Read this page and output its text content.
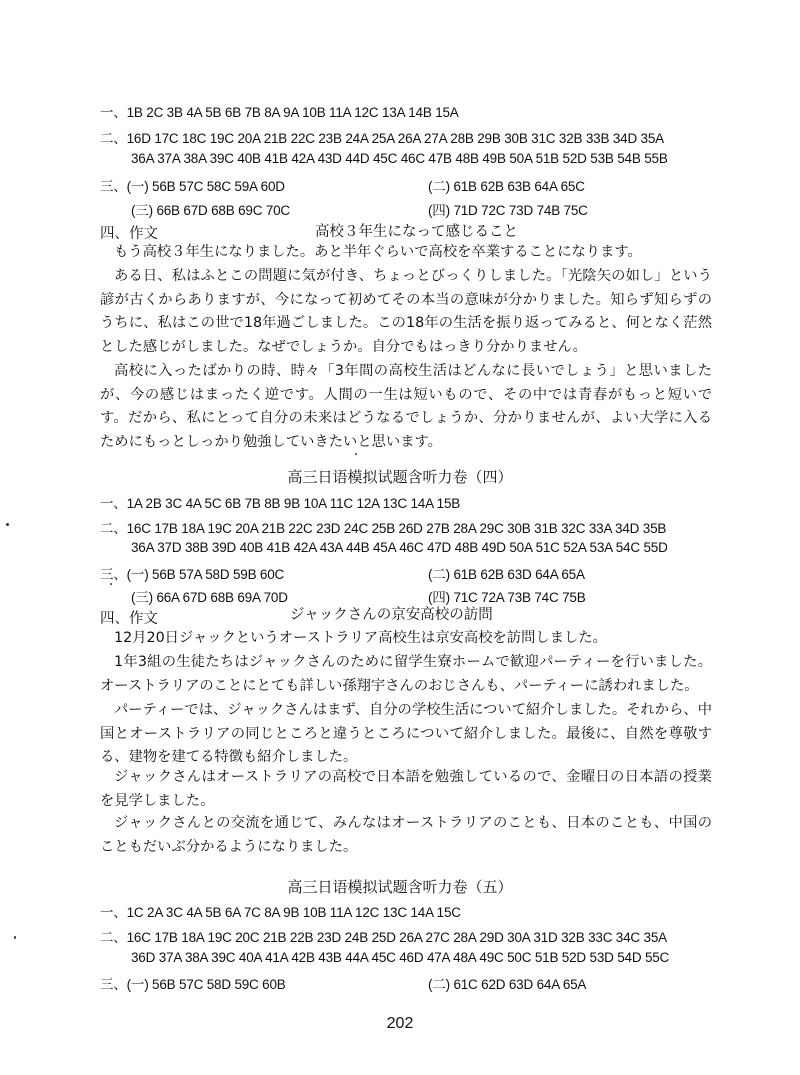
一、1B 2C 3B 4A 5B 6B 7B 8A 9A 10B 11A 12C 13A 14B 15A
二、16D 17C 18C 19C 20A 21B 22C 23B 24A 25A 26A 27A 28B 29B 30B 31C 32B 33B 34D 35A
36A 37A 38A 39C 40B 41B 42A 43D 44D 45C 46C 47B 48B 49B 50A 51B 52D 53B 54B 55B
三、(一) 56B 57C 58C 59A 60D	(二) 61B 62B 63B 64A 65C
(三) 66B 67D 68B 69C 70C	(四) 71D 72C 73D 74B 75C
四、作文	高校３年生になって感じること

もう高校３年生になりました。あと半年ぐらいで高校を卒業することになります。

ある日、私はふとこの問題に気が付き、ちょっとびっくりしました。「光陰矢の如し」という諺が古くからありますが、今になって初めてその本当の意味が分かりました。知らず知らずのうちに、私はこの世で18年過ごしました。この18年の生活を振り返ってみると、何となく茫然とした感じがしました。なぜでしょうか。自分でもはっきり分かりません。

高校に入ったばかりの時、時々「3年間の高校生活はどんなに長いでしょう」と思いましたが、今の感じはまったく逆です。人間の一生は短いもので、その中では青春がもっと短いです。だから、私にとって自分の未来はどうなるでしょうか、分かりませんが、よい大学に入るためにもっとしっかり勉強していきたいと思います。

高三日语模拟试题含听力卷（四）
一、1A 2B 3C 4A 5C 6B 7B 8B 9B 10A 11C 12A 13C 14A 15B
二、16C 17B 18A 19C 20A 21B 22C 23D 24C 25B 26D 27B 28A 29C 30B 31B 32C 33A 34D 35B
36A 37D 38B 39D 40B 41B 42A 43A 44B 45A 46C 47D 48B 49D 50A 51C 52A 53A 54C 55D
三、(一) 56B 57A 58D 59B 60C	(二) 61B 62B 63D 64A 65A
(三) 66A 67D 68B 69A 70D	(四) 71C 72A 73B 74C 75B
四、作文	ジャックさんの京安高校の訪問

12月20日ジャックというオーストラリア高校生は京安高校を訪問しました。

1年3組の生徒たちはジャックさんのために留学生寮ホームで歓迎パーティーを行いました。オーストラリアのことにとても詳しい孫翔宇さんのおじさんも、パーティーに誘われました。

パーティーでは、ジャックさんはまず、自分の学校生活について紹介しました。それから、中国とオーストラリアの同じところと違うところについて紹介しました。最後に、自然を尊敬する、建物を建てる特徴も紹介しました。

ジャックさんはオーストラリアの高校で日本語を勉強しているので、金曜日の日本語の授業を見学しました。

ジャックさんとの交流を通じて、みんなはオーストラリアのことも、日本のことも、中国のこともだいぶ分かるようになりました。

高三日语模拟试题含听力卷（五）
一、1C 2A 3C 4A 5B 6A 7C 8A 9B 10B 11A 12C 13C 14A 15C
二、16C 17B 18A 19C 20C 21B 22B 23D 24B 25D 26A 27C 28A 29D 30A 31D 32B 33C 34C 35A
36D 37A 38A 39C 40A 41A 42B 43B 44A 45C 46D 47A 48A 49C 50C 51B 52D 53D 54D 55C
三、(一) 56B 57C 58D 59C 60B	(二) 61C 62D 63D 64A 65A
202
